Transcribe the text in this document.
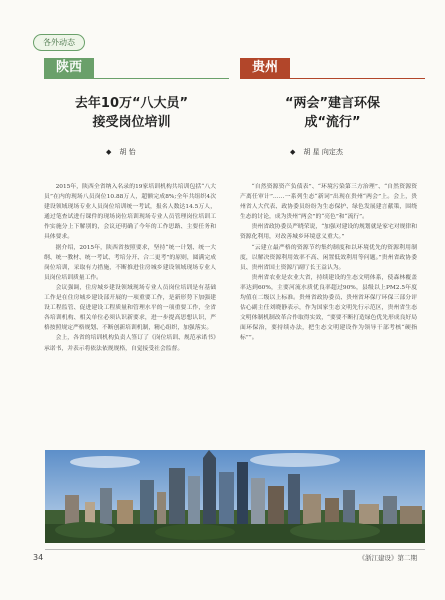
各外动态
陕西	贵州
去年10万“八大员”
接受岗位培训
“两会”建言环保
成“流行”
◆ 胡 怡	◆ 胡 星 向定杰

2015年，陕西全省纳入名录的19家培训机构共培训包括“八大员”在内的现场八员岗位10.88万人，超额完成8%;全年共组织4次建设领域现场专业人员岗位培训统一考试，报名人数达14.5万人，通过笔查试进行课件的现场岗位培训现场专业人员管理岗位培训工作实施分上下解别的，会议还明确了今年的工作思路、主要任务和具体要求。

据介绍，2015年，陕西省按照要求，坚持“统一计划、统一大纲、统一教材、统一考试、考培分开、合二更考”的原则，圆满完成岗位培训，采取有力措施，不断推进住房城乡建设领域现场专业人员岗位培训质量工作。

会议强调，住房城乡建设领域现场专业人员岗位培训是有基础工作是在住房城乡建设部开展的一项重要工作，是新形势下加强建设工程监管、促进建设工程质量和管理水平的一项重要工作，全省各培训机构、相关单位必须认识新要求，进一步提高思想认识，严格按照规定严格规划、不断创新培训机制，精心组织，加强落实。

会上，各省的培训机构负责人签订了《岗位培训、规范承诺书》承诺书，并表示将依法依规规格，自觉接受社会监督。

“自然资源资产负债表”、“环境污染第三方治理”、“自然资源资产离任审计”……一系列生态“新词”出现在贵州“两会”上。会上，贵州省人大代表、政协委员纷纷为生态保护、绿色发展建言献策，围绕生态的讨论，成为贵州“两会”的“亮色”和“流行”。

贵州省政协委员严晓荣说，“加强对建设的规划就是家宅对规律和资源化利用，对改善城乡环境意义重大。”

“云建立最严格的资源节约集约制度和以环境优先的资源利用制度，以解决资源利用效率不高、闲置低效利用等问题。”贵州省政协委员、贵州省国土资源厅副厅长王益认为。

贵州省农业是农业大省，持续建设的生态文明体系，使森林覆盖率达到60%，主要河流水质优良率超过90%，县级以上PM2.5年度均值在二级以上标准。贵州省政协委员、贵州省环保厅环保三部分评估心副主任刘晓静表示，作为国家生态文明先行示范区，贵州省生态文明体制机制改革合作取得实效，“要要不断打造绿色优先形成良好局面环保治，要持续办法，把生态文明建设作为领导干部考核“硬指标””。

34	《浙江建设》第二期
